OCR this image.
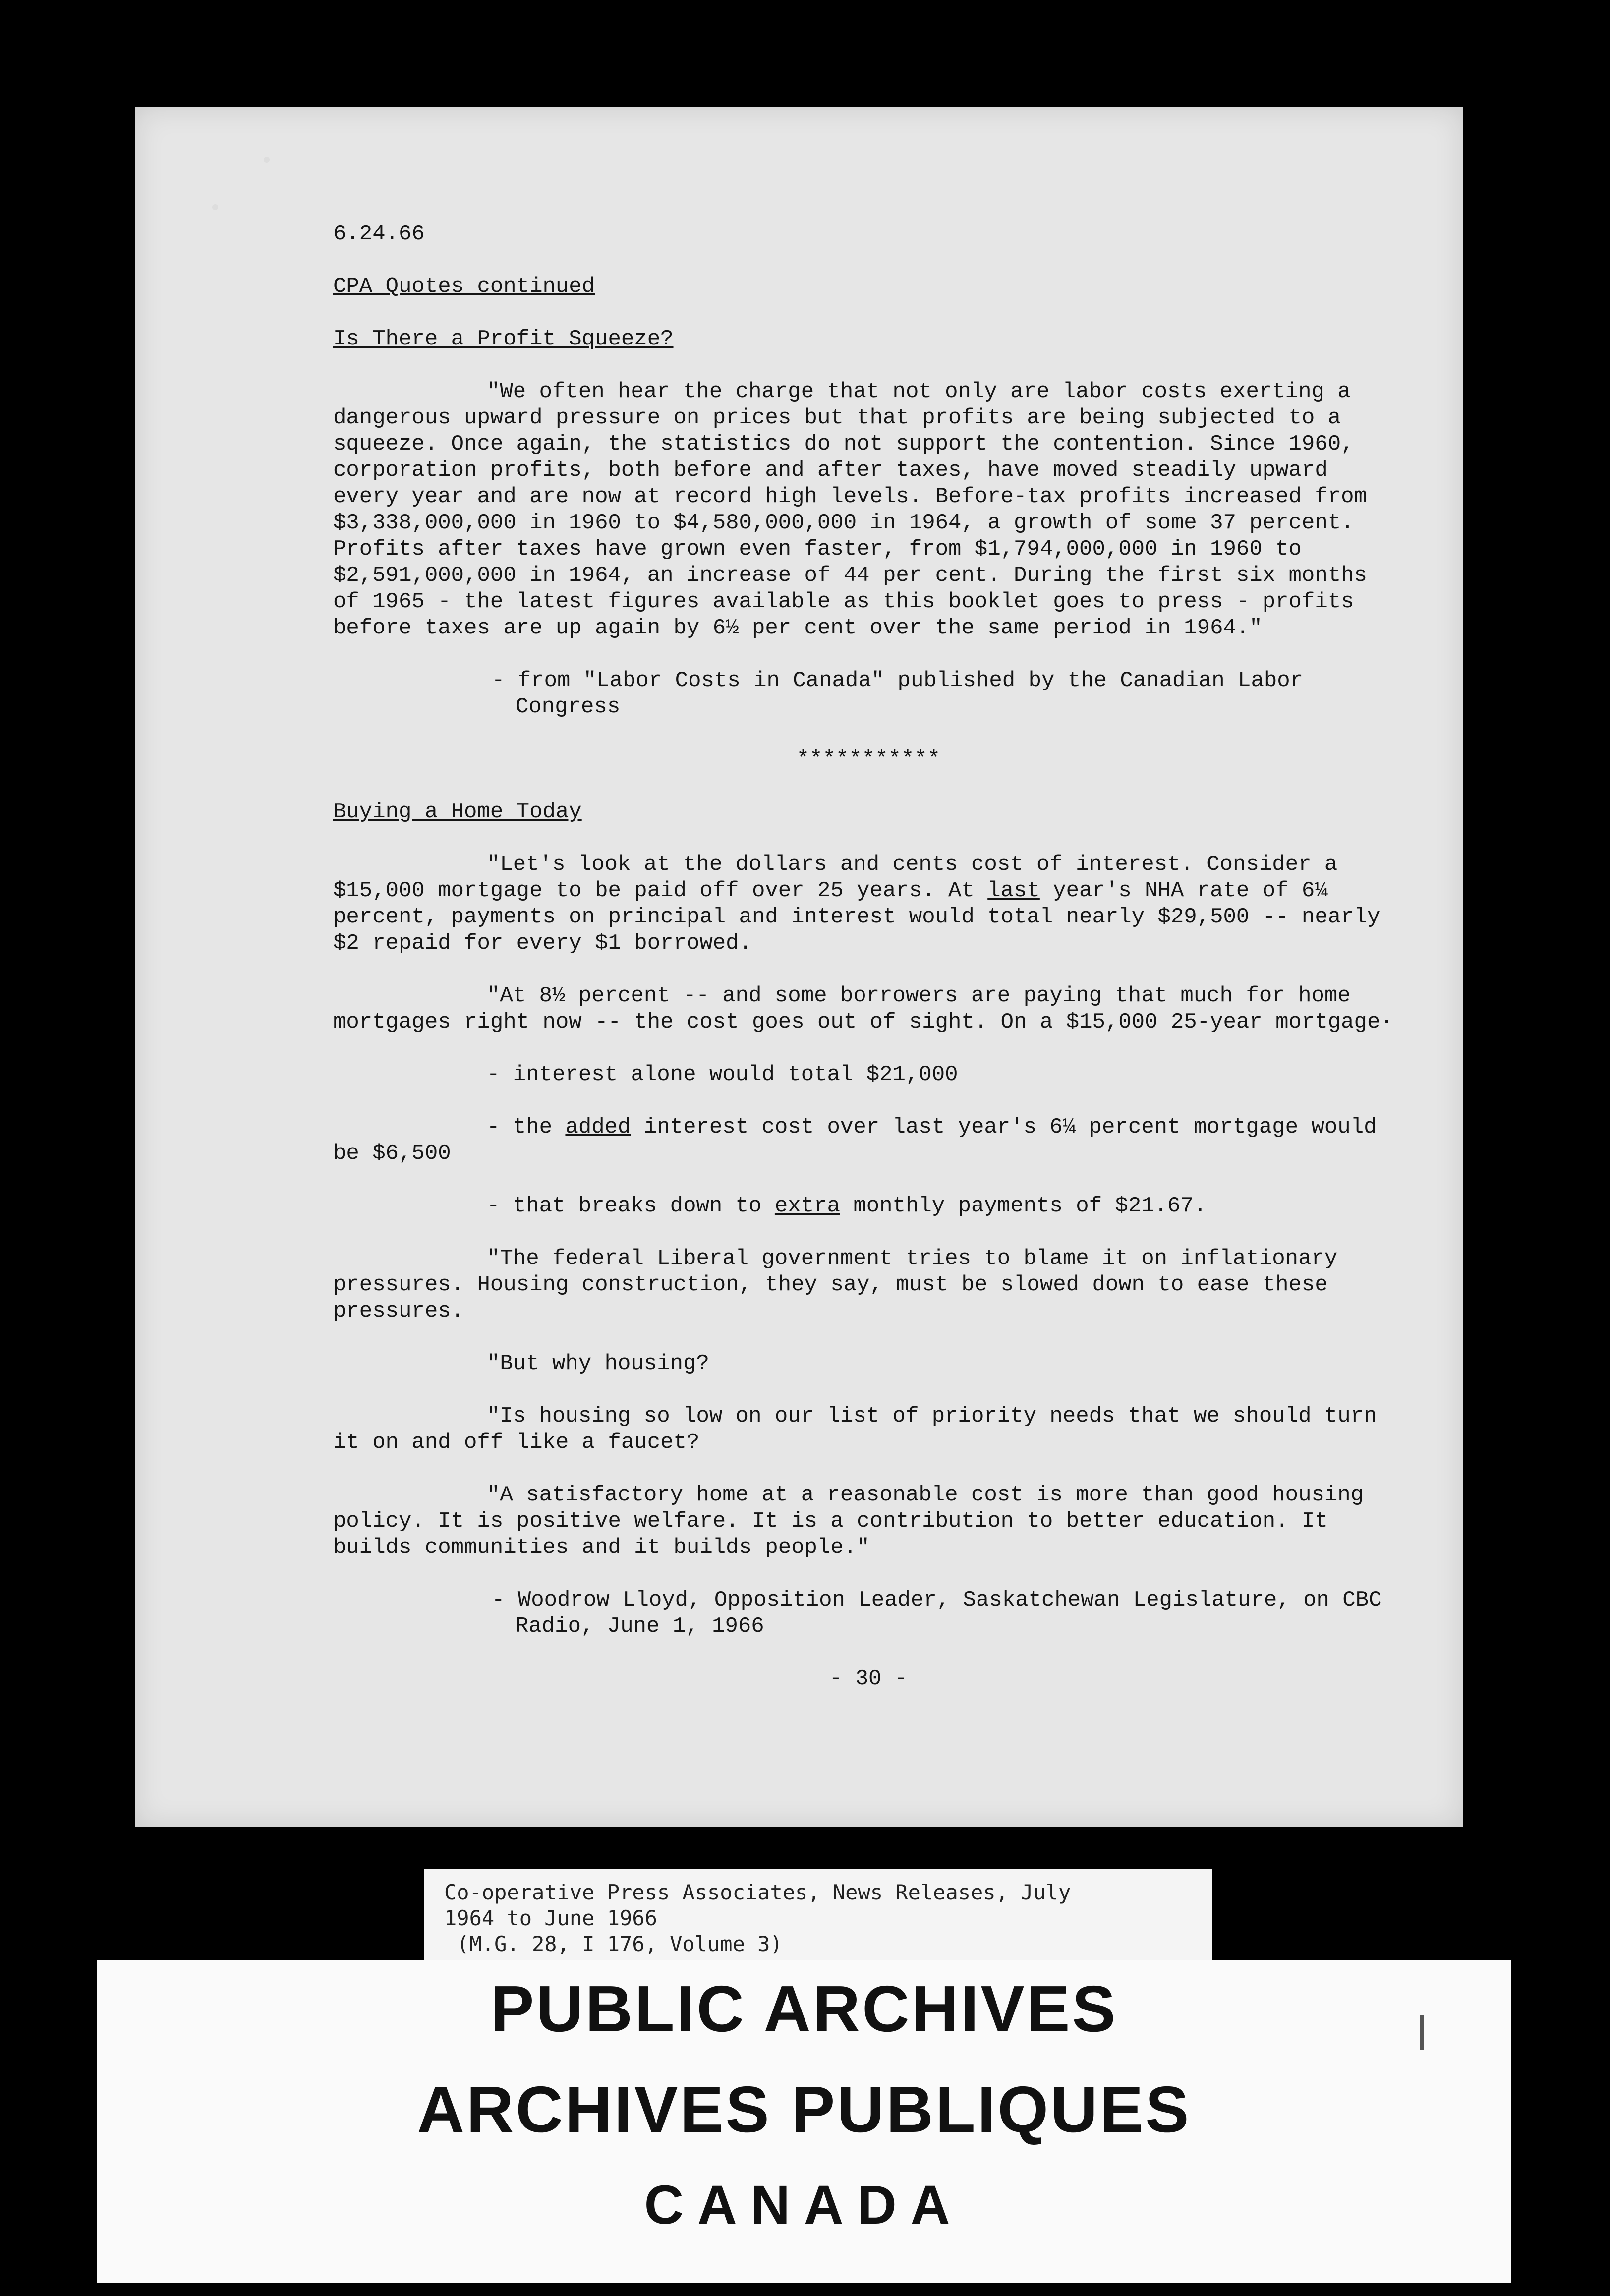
6.24.66

CPA Quotes continued

Is There a Profit Squeeze?

"We often hear the charge that not only are labor costs exerting a dangerous upward pressure on prices but that profits are being subjected to a squeeze. Once again, the statistics do not support the contention. Since 1960, corporation profits, both before and after taxes, have moved steadily upward every year and are now at record high levels. Before-tax profits increased from $3,338,000,000 in 1960 to $4,580,000,000 in 1964, a growth of some 37 percent. Profits after taxes have grown even faster, from $1,794,000,000 in 1960 to $2,591,000,000 in 1964, an increase of 44 per cent. During the first six months of 1965 - the latest figures available as this booklet goes to press - profits before taxes are up again by 6½ per cent over the same period in 1964."

- from "Labor Costs in Canada" published by the Canadian Labor Congress

***********

Buying a Home Today

"Let's look at the dollars and cents cost of interest. Consider a $15,000 mortgage to be paid off over 25 years. At last year's NHA rate of 6¼ percent, payments on principal and interest would total nearly $29,500 -- nearly $2 repaid for every $1 borrowed.

"At 8½ percent -- and some borrowers are paying that much for home mortgages right now -- the cost goes out of sight. On a $15,000 25-year mortgage·

- interest alone would total $21,000

- the added interest cost over last year's 6¼ percent mortgage would be $6,500

- that breaks down to extra monthly payments of $21.67.

"The federal Liberal government tries to blame it on inflationary pressures. Housing construction, they say, must be slowed down to ease these pressures.

"But why housing?

"Is housing so low on our list of priority needs that we should turn it on and off like a faucet?

"A satisfactory home at a reasonable cost is more than good housing policy. It is positive welfare. It is a contribution to better education. It builds communities and it builds people."

- Woodrow Lloyd, Opposition Leader, Saskatchewan Legislature, on CBC Radio, June 1, 1966

- 30 -

Co-operative Press Associates, News Releases, July
1964 to June 1966
(M.G. 28, I 176, Volume 3)
PUBLIC ARCHIVES
ARCHIVES PUBLIQUES
CANADA
